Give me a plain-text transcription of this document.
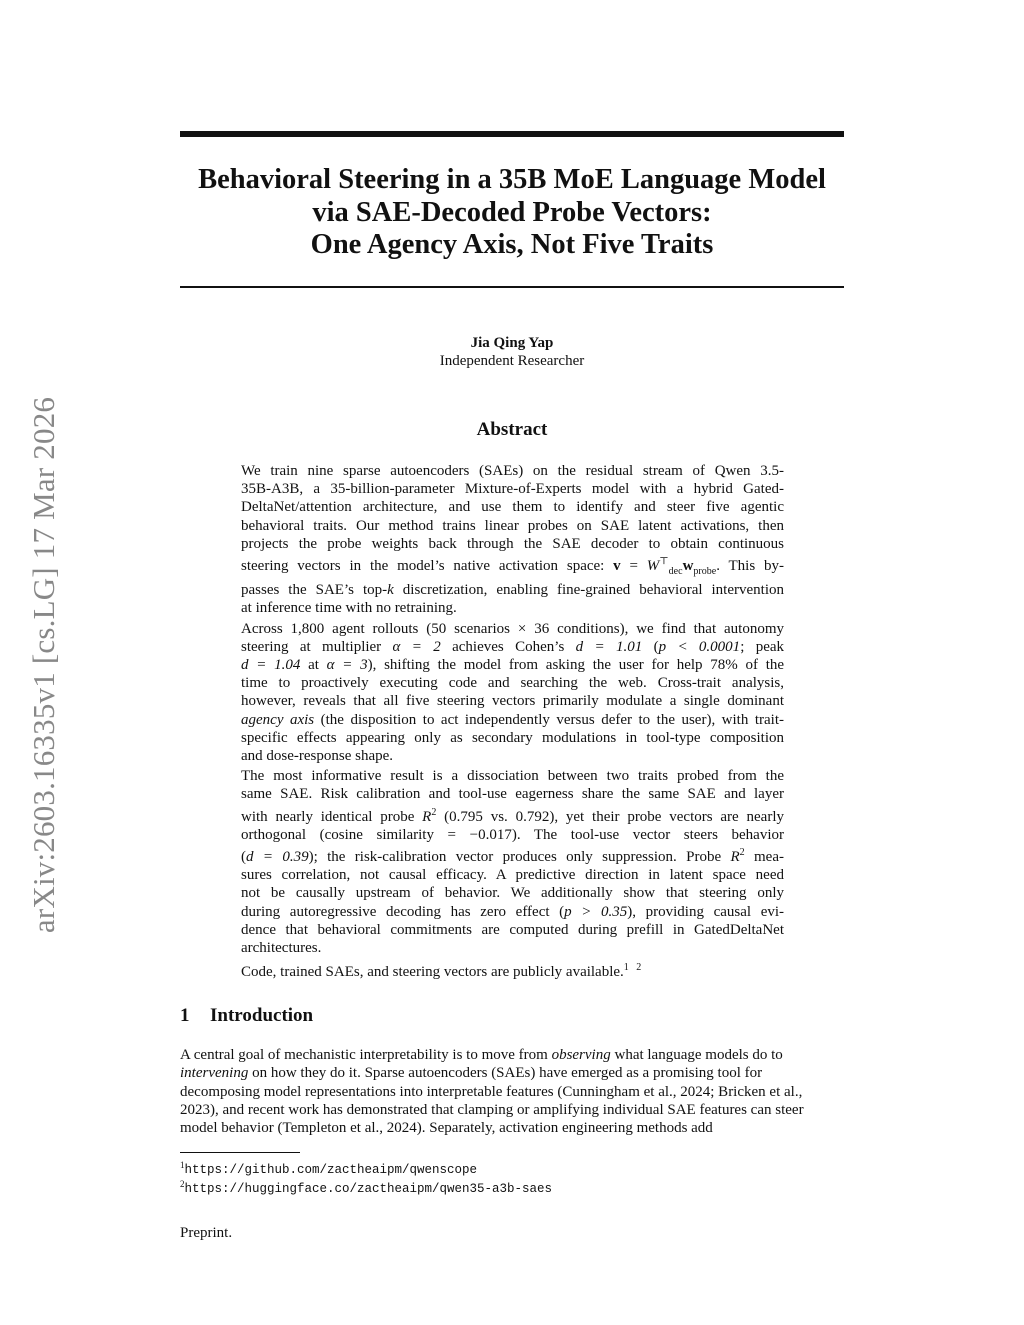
arXiv:2603.16335v1 [cs.LG] 17 Mar 2026
Behavioral Steering in a 35B MoE Language Model
via SAE-Decoded Probe Vectors:
One Agency Axis, Not Five Traits
Jia Qing Yap
Independent Researcher
Abstract

We train nine sparse autoencoders (SAEs) on the residual stream of Qwen 3.5-
35B-A3B, a 35-billion-parameter Mixture-of-Experts model with a hybrid Gated-
DeltaNet/attention architecture, and use them to identify and steer five agentic
behavioral traits. Our method trains linear probes on SAE latent activations, then
projects the probe weights back through the SAE decoder to obtain continuous
steering vectors in the model’s native activation space: $v = W^⊤_{dec}w_{probe}$. This by-
passes the SAE’s top-k discretization, enabling fine-grained behavioral intervention
at inference time with no retraining.

Across 1,800 agent rollouts (50 scenarios × 36 conditions), we find that autonomy
steering at multiplier α = 2 achieves Cohen’s d = 1.01 (p < 0.0001; peak
d = 1.04 at α = 3), shifting the model from asking the user for help 78% of the
time to proactively executing code and searching the web. Cross-trait analysis,
however, reveals that all five steering vectors primarily modulate a single dominant
agency axis (the disposition to act independently versus defer to the user), with trait-
specific effects appearing only as secondary modulations in tool-type composition
and dose-response shape.

The most informative result is a dissociation between two traits probed from the
same SAE. Risk calibration and tool-use eagerness share the same SAE and layer
with nearly identical probe $R^2$ (0.795 vs. 0.792), yet their probe vectors are nearly
orthogonal (cosine similarity = −0.017). The tool-use vector steers behavior
(d = 0.39); the risk-calibration vector produces only suppression. Probe $R^2$ mea-
sures correlation, not causal efficacy. A predictive direction in latent space need
not be causally upstream of behavior. We additionally show that steering only
during autoregressive decoding has zero effect (p > 0.35), providing causal evi-
dence that behavioral commitments are computed during prefill in GatedDeltaNet
architectures.

Code, trained SAEs, and steering vectors are publicly available.$^1$ $^2$

1 Introduction
A central goal of mechanistic interpretability is to move from observing what language models do to intervening on how they do it. Sparse autoencoders (SAEs) have emerged as a promising tool for decomposing model representations into interpretable features (Cunningham et al., 2024; Bricken et al., 2023), and recent work has demonstrated that clamping or amplifying individual SAE features can steer model behavior (Templeton et al., 2024). Separately, activation engineering methods add
$^1$https://github.com/zactheaipm/qwenscope
$^2$https://huggingface.co/zactheaipm/qwen35-a3b-saes
Preprint.
